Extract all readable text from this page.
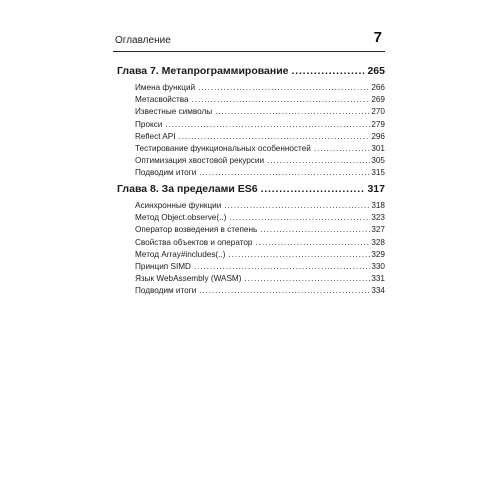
Оглавление	7
Глава 7. Метапрограммирование .....	265
Имена функций .....	266
Метасвойства .....	269
Известные символы .....	270
Прокси .....	279
Reflect API .....	296
Тестирование функциональных особенностей .....	301
Оптимизация хвостовой рекурсии .....	305
Подводим итоги .....	315
Глава 8. За пределами ES6 .....	317
Асинхронные функции .....	318
Метод Object.observe(..) .....	323
Оператор возведения в степень .....	327
Свойства объектов и оператор .....	328
Метод Array#includes(..) .....	329
Принцип SIMD .....	330
Язык WebAssembly (WASM) .....	331
Подводим итоги .....	334
